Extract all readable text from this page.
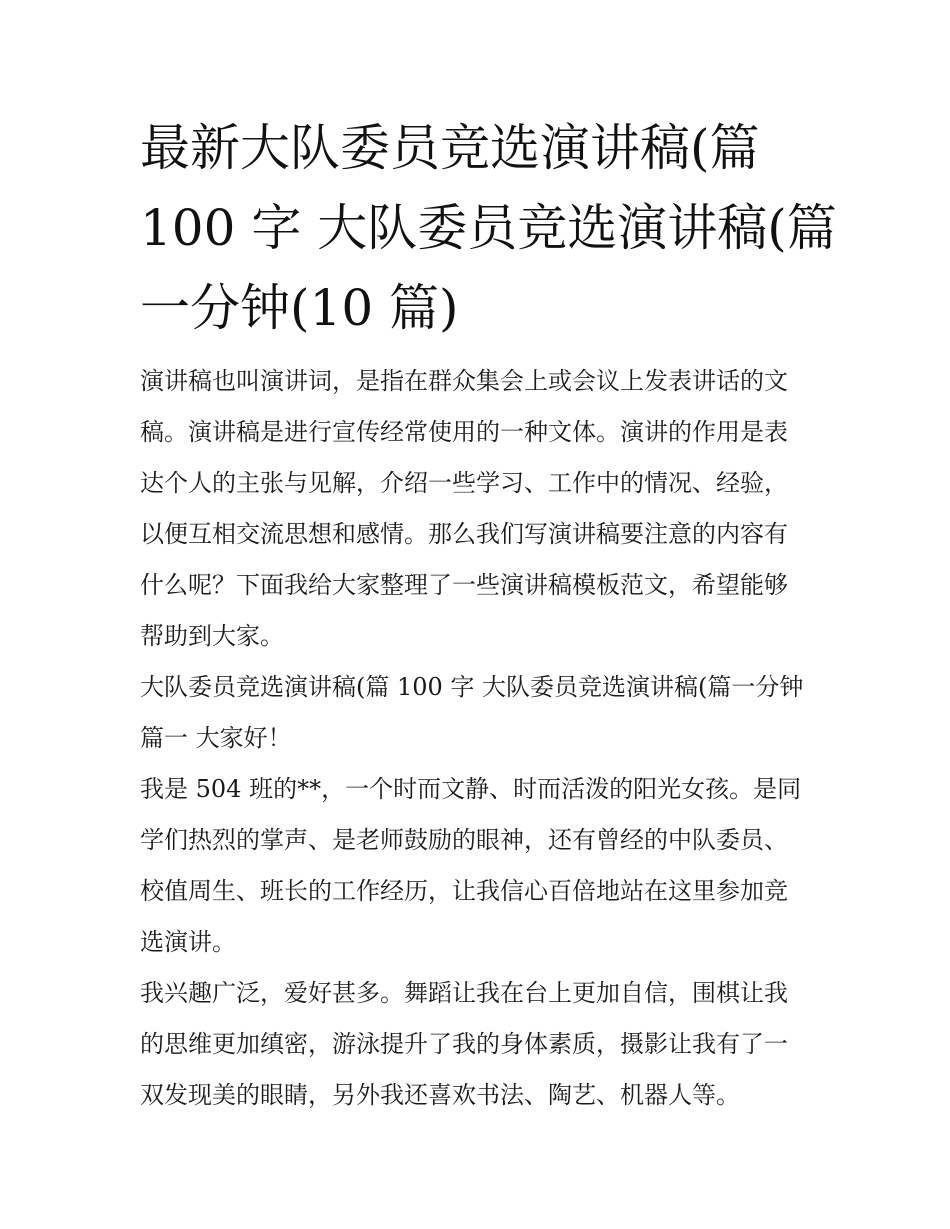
最新大队委员竞选演讲稿(篇
100 字 大队委员竞选演讲稿(篇
一分钟(10 篇)
演讲稿也叫演讲词，是指在群众集会上或会议上发表讲话的文
稿。演讲稿是进行宣传经常使用的一种文体。演讲的作用是表
达个人的主张与见解，介绍一些学习、工作中的情况、经验，
以便互相交流思想和感情。那么我们写演讲稿要注意的内容有
什么呢？下面我给大家整理了一些演讲稿模板范文，希望能够
帮助到大家。
大队委员竞选演讲稿(篇 100 字 大队委员竞选演讲稿(篇一分钟
篇一 大家好！
我是 504 班的**，一个时而文静、时而活泼的阳光女孩。是同
学们热烈的掌声、是老师鼓励的眼神，还有曾经的中队委员、
校值周生、班长的工作经历，让我信心百倍地站在这里参加竞
选演讲。
我兴趣广泛，爱好甚多。舞蹈让我在台上更加自信，围棋让我
的思维更加缜密，游泳提升了我的身体素质，摄影让我有了一
双发现美的眼睛，另外我还喜欢书法、陶艺、机器人等。
